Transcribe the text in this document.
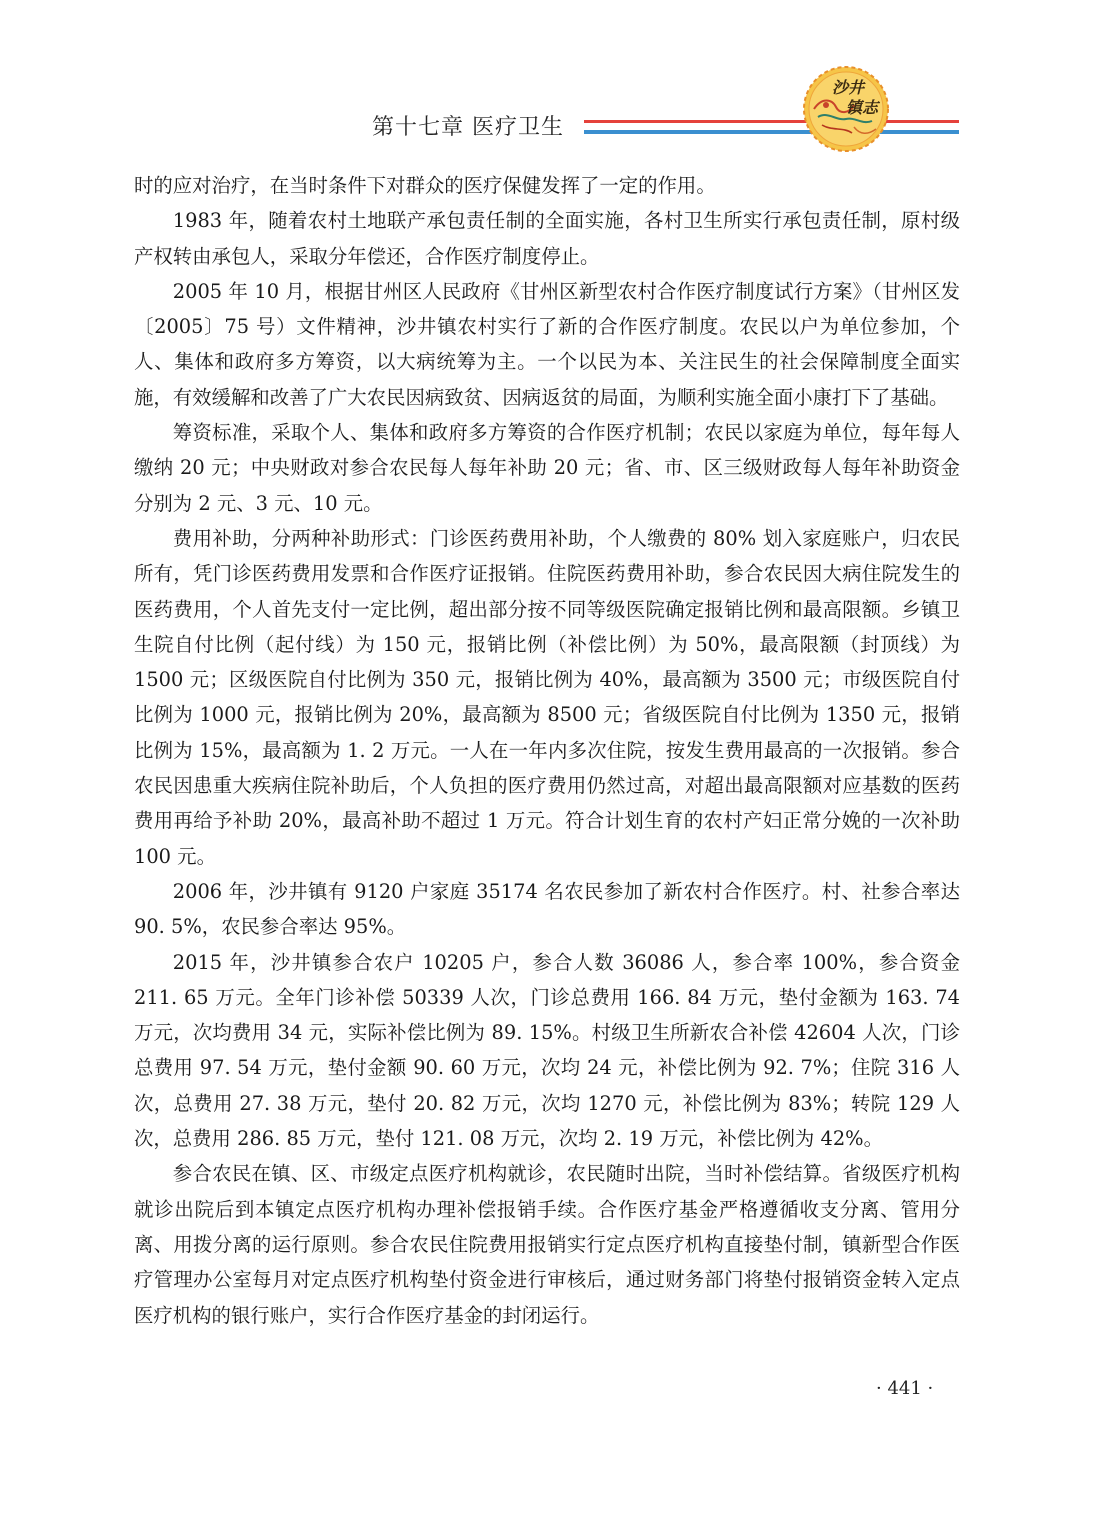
第十七章 医疗卫生
沙井
镇志

时的应对治疗，在当时条件下对群众的医疗保健发挥了一定的作用。

1983 年，随着农村土地联产承包责任制的全面实施，各村卫生所实行承包责任制，原村级产权转由承包人，采取分年偿还，合作医疗制度停止。

2005 年 10 月，根据甘州区人民政府《甘州区新型农村合作医疗制度试行方案》（甘州区发〔2005〕75 号）文件精神，沙井镇农村实行了新的合作医疗制度。农民以户为单位参加，个人、集体和政府多方筹资，以大病统筹为主。一个以民为本、关注民生的社会保障制度全面实施，有效缓解和改善了广大农民因病致贫、因病返贫的局面，为顺利实施全面小康打下了基础。

筹资标准，采取个人、集体和政府多方筹资的合作医疗机制；农民以家庭为单位，每年每人缴纳 20 元；中央财政对参合农民每人每年补助 20 元；省、市、区三级财政每人每年补助资金分别为 2 元、3 元、10 元。

费用补助，分两种补助形式：门诊医药费用补助，个人缴费的 80% 划入家庭账户，归农民所有，凭门诊医药费用发票和合作医疗证报销。住院医药费用补助，参合农民因大病住院发生的医药费用，个人首先支付一定比例，超出部分按不同等级医院确定报销比例和最高限额。乡镇卫生院自付比例（起付线）为 150 元，报销比例（补偿比例）为 50%，最高限额（封顶线）为 1500 元；区级医院自付比例为 350 元，报销比例为 40%，最高额为 3500 元；市级医院自付比例为 1000 元，报销比例为 20%，最高额为 8500 元；省级医院自付比例为 1350 元，报销比例为 15%，最高额为 1. 2 万元。一人在一年内多次住院，按发生费用最高的一次报销。参合农民因患重大疾病住院补助后，个人负担的医疗费用仍然过高，对超出最高限额对应基数的医药费用再给予补助 20%，最高补助不超过 1 万元。符合计划生育的农村产妇正常分娩的一次补助 100 元。

2006 年，沙井镇有 9120 户家庭 35174 名农民参加了新农村合作医疗。村、社参合率达 90. 5%，农民参合率达 95%。

2015 年，沙井镇参合农户 10205 户，参合人数 36086 人，参合率 100%，参合资金 211. 65 万元。全年门诊补偿 50339 人次，门诊总费用 166. 84 万元，垫付金额为 163. 74 万元，次均费用 34 元，实际补偿比例为 89. 15%。村级卫生所新农合补偿 42604 人次，门诊总费用 97. 54 万元，垫付金额 90. 60 万元，次均 24 元，补偿比例为 92. 7%；住院 316 人次，总费用 27. 38 万元，垫付 20. 82 万元，次均 1270 元，补偿比例为 83%；转院 129 人次，总费用 286. 85 万元，垫付 121. 08 万元，次均 2. 19 万元，补偿比例为 42%。

参合农民在镇、区、市级定点医疗机构就诊，农民随时出院，当时补偿结算。省级医疗机构就诊出院后到本镇定点医疗机构办理补偿报销手续。合作医疗基金严格遵循收支分离、管用分离、用拨分离的运行原则。参合农民住院费用报销实行定点医疗机构直接垫付制，镇新型合作医疗管理办公室每月对定点医疗机构垫付资金进行审核后，通过财务部门将垫付报销资金转入定点医疗机构的银行账户，实行合作医疗基金的封闭运行。

· 441 ·
